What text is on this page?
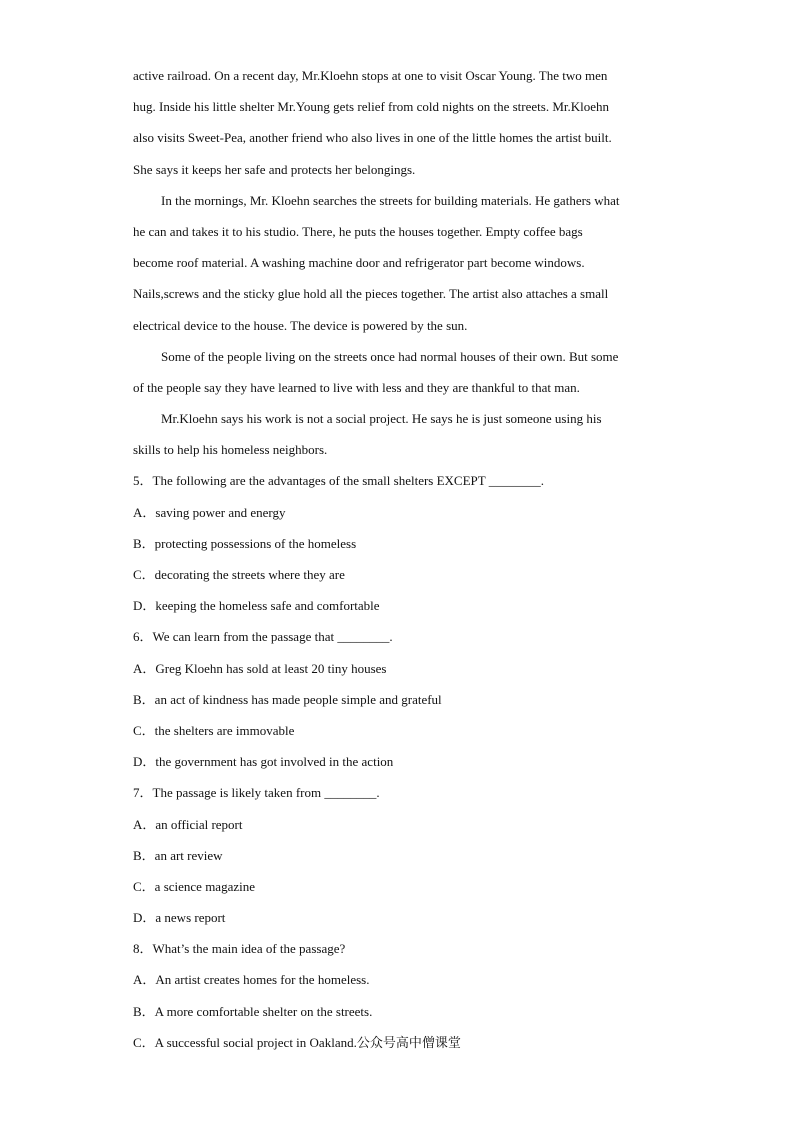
active railroad. On a recent day, Mr.Kloehn stops at one to visit Oscar Young. The two men
hug. Inside his little shelter Mr.Young gets relief from cold nights on the streets. Mr.Kloehn
also visits Sweet-Pea, another friend who also lives in one of the little homes the artist built.
She says it keeps her safe and protects her belongings.
In the mornings, Mr. Kloehn searches the streets for building materials. He gathers what
he can and takes it to his studio. There, he puts the houses together. Empty coffee bags
become roof material. A washing machine door and refrigerator part become windows.
Nails,screws and the sticky glue hold all the pieces together. The artist also attaches a small
electrical device to the house. The device is powered by the sun.
Some of the people living on the streets once had normal houses of their own. But some
of the people say they have learned to live with less and they are thankful to that man.
Mr.Kloehn says his work is not a social project. He says he is just someone using his
skills to help his homeless neighbors.
5．The following are the advantages of the small shelters EXCEPT ________.
A．saving power and energy
B．protecting possessions of the homeless
C．decorating the streets where they are
D．keeping the homeless safe and comfortable
6．We can learn from the passage that ________.
A．Greg Kloehn has sold at least 20 tiny houses
B．an act of kindness has made people simple and grateful
C．the shelters are immovable
D．the government has got involved in the action
7．The passage is likely taken from ________.
A．an official report
B．an art review
C．a science magazine
D．a news report
8．What’s the main idea of the passage?
A．An artist creates homes for the homeless.
B．A more comfortable shelter on the streets.
C．A successful social project in Oakland.公众号高中僧课堂
